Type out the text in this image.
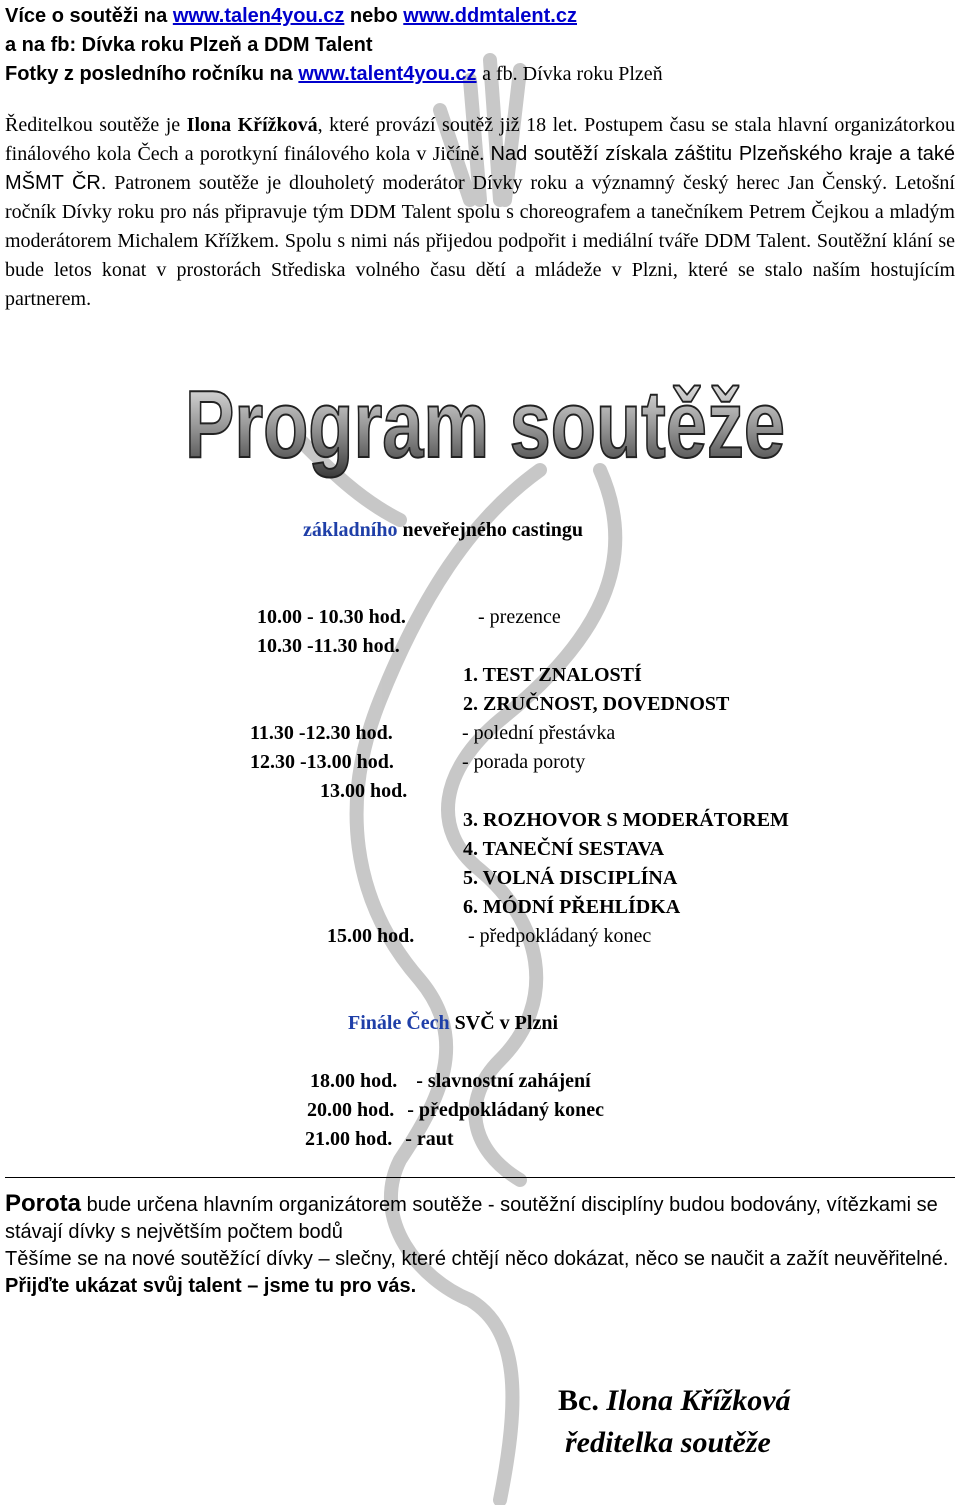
Více o soutěži na www.talen4you.cz nebo www.ddmtalent.cz
a na fb: Dívka roku Plzeň a DDM Talent
Fotky z posledního ročníku na www.talent4you.cz a fb. Dívka roku Plzeň
Ředitelkou soutěže je Ilona Křížková, které provází soutěž již 18 let. Postupem času se stala hlavní organizátorkou finálového kola Čech a porotkyní finálového kola v Jičíně. Nad soutěží získala záštitu Plzeňského kraje a také MŠMT ČR. Patronem soutěže je dlouholetý moderátor Dívky roku a významný český herec Jan Čenský. Letošní ročník Dívky roku pro nás připravuje tým DDM Talent spolu s choreografem a tanečníkem Petrem Čejkou a mladým moderátorem Michalem Křížkem. Spolu s nimi nás přijedou podpořit i mediální tváře DDM Talent. Soutěžní klání se bude letos konat v prostorách Střediska volného času dětí a mládeže v Plzni, které se stalo naším hostujícím partnerem.
Program soutěže
základního neveřejného castingu
10.00 - 10.30 hod.	- prezence
10.30 -11.30 hod.
1. TEST ZNALOSTÍ
2. ZRUČNOST, DOVEDNOST
11.30 -12.30 hod.	- polední přestávka
12.30 -13.00 hod.	- porada poroty
13.00 hod.
3. ROZHOVOR S MODERÁTOREM
4. TANEČNÍ SESTAVA
5. VOLNÁ DISCIPLÍNA
6. MÓDNÍ PŘEHLÍDKA
15.00 hod.	- předpokládaný konec
Finále Čech SVČ v Plzni
18.00 hod. - slavnostní zahájení
20.00 hod. - předpokládaný konec
21.00 hod. - raut
Porota bude určena hlavním organizátorem soutěže - soutěžní disciplíny budou bodovány, vítězkami se stávají dívky s největším počtem bodů
Těšíme se na nové soutěžící dívky – slečny, které chtějí něco dokázat, něco se naučit a zažít neuvěřitelné. Přijďte ukázat svůj talent – jsme tu pro vás.
Bc. Ilona Křížková
ředitelka soutěže
